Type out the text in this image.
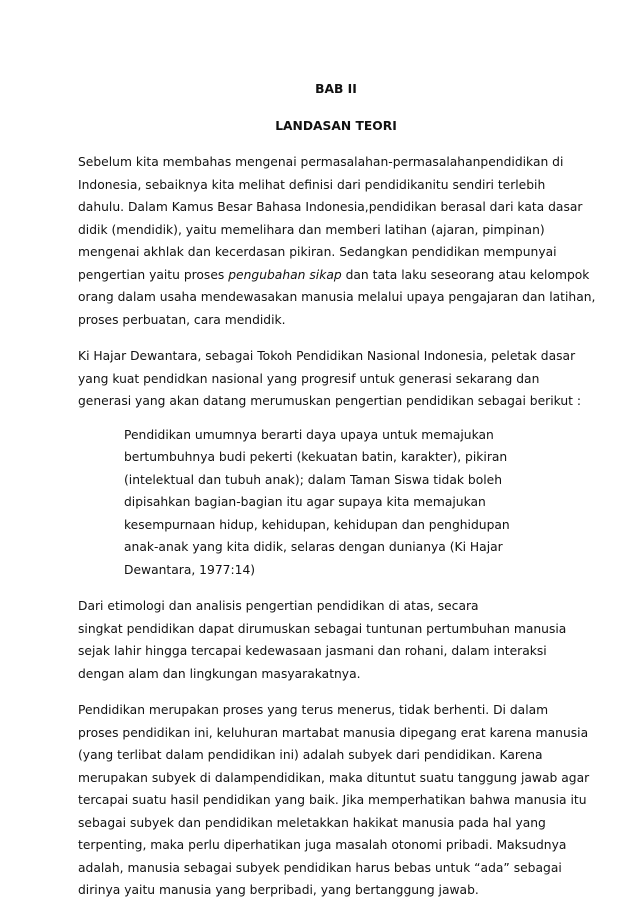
BAB II
LANDASAN TEORI
Sebelum kita membahas mengenai permasalahan-permasalahanpendidikan di
Indonesia, sebaiknya kita melihat definisi dari pendidikanitu sendiri terlebih
dahulu. Dalam Kamus Besar Bahasa Indonesia,pendidikan berasal dari kata dasar
didik (mendidik), yaitu memelihara dan memberi latihan (ajaran, pimpinan)
mengenai akhlak dan kecerdasan pikiran. Sedangkan pendidikan mempunyai
pengertian yaitu proses pengubahan sikap dan tata laku seseorang atau kelompok
orang dalam usaha mendewasakan manusia melalui upaya pengajaran dan latihan,
proses perbuatan, cara mendidik.
Ki Hajar Dewantara, sebagai Tokoh Pendidikan Nasional Indonesia, peletak dasar
yang kuat pendidkan nasional yang progresif untuk generasi sekarang dan
generasi yang akan datang merumuskan pengertian pendidikan sebagai berikut :
Pendidikan umumnya berarti daya upaya untuk memajukan
bertumbuhnya budi pekerti (kekuatan batin, karakter), pikiran
(intelektual dan tubuh anak); dalam Taman Siswa tidak boleh
dipisahkan bagian-bagian itu agar supaya kita memajukan
kesempurnaan hidup, kehidupan, kehidupan dan penghidupan
anak-anak yang kita didik, selaras dengan dunianya (Ki Hajar
Dewantara, 1977:14)
Dari etimologi dan analisis pengertian pendidikan di atas, secara
singkat pendidikan dapat dirumuskan sebagai tuntunan pertumbuhan manusia
sejak lahir hingga tercapai kedewasaan jasmani dan rohani, dalam interaksi
dengan alam dan lingkungan masyarakatnya.
Pendidikan merupakan proses yang terus menerus, tidak berhenti. Di dalam
proses pendidikan ini, keluhuran martabat manusia dipegang erat karena manusia
(yang terlibat dalam pendidikan ini) adalah subyek dari pendidikan. Karena
merupakan subyek di dalampendidikan, maka dituntut suatu tanggung jawab agar
tercapai suatu hasil pendidikan yang baik. Jika memperhatikan bahwa manusia itu
sebagai subyek dan pendidikan meletakkan hakikat manusia pada hal yang
terpenting, maka perlu diperhatikan juga masalah otonomi pribadi. Maksudnya
adalah, manusia sebagai subyek pendidikan harus bebas untuk “ada” sebagai
dirinya yaitu manusia yang berpribadi, yang bertanggung jawab.
